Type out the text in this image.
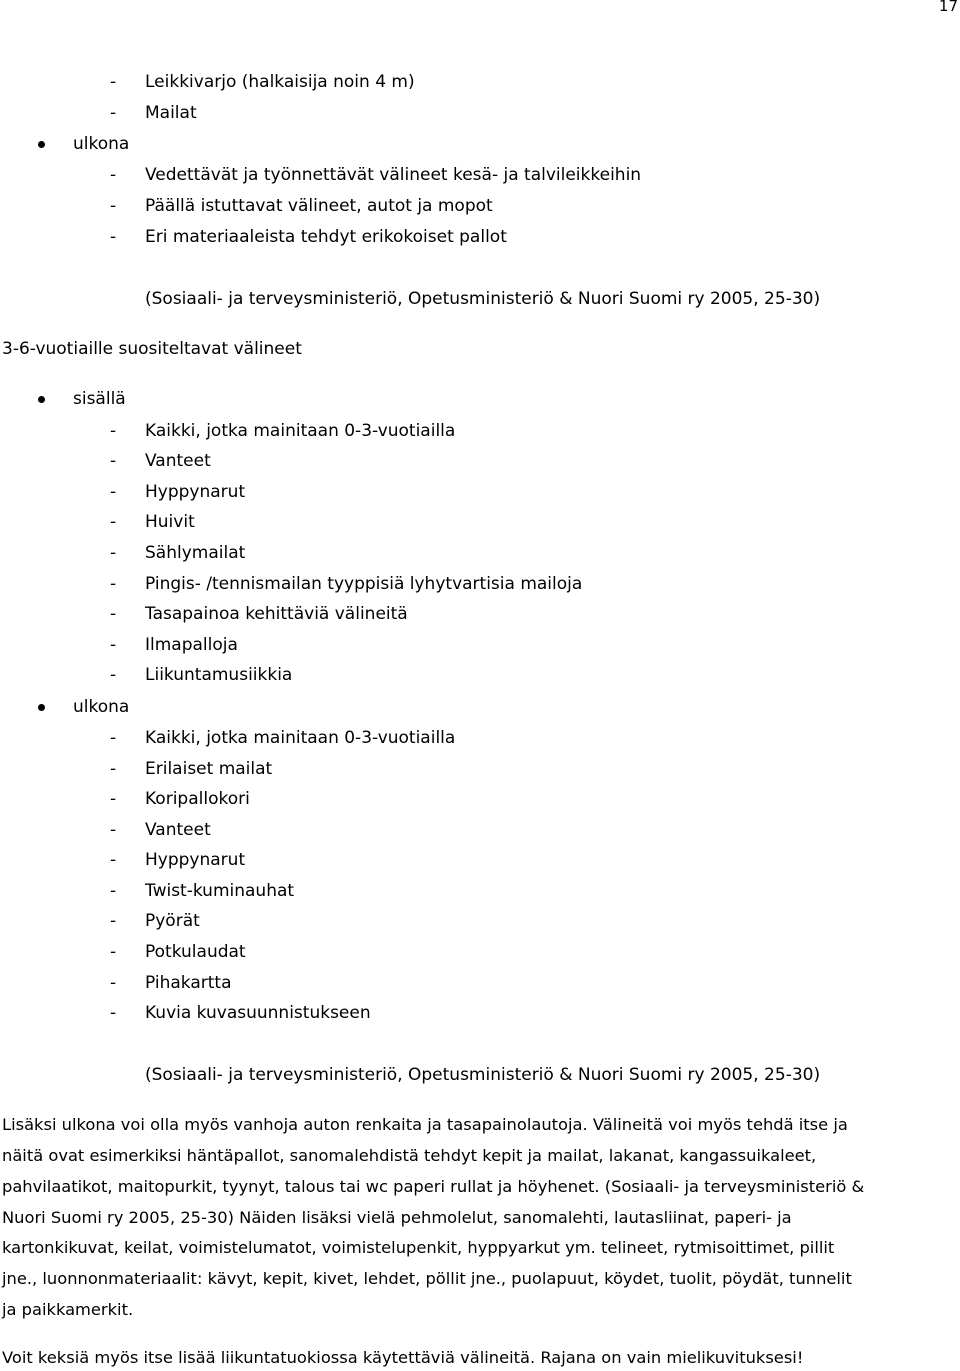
17
- Leikkivarjo (halkaisija noin 4 m)
- Mailat
ulkona
- Vedettävät ja työnnettävät välineet kesä- ja talvileikkeihin
- Päällä istuttavat välineet, autot ja mopot
- Eri materiaaleista tehdyt erikokoiset pallot
(Sosiaali- ja terveysministeriö, Opetusministeriö & Nuori Suomi ry 2005, 25-30)
3-6-vuotiaille suositeltavat välineet
sisällä
- Kaikki, jotka mainitaan 0-3-vuotiailla
- Vanteet
- Hyppynarut
- Huivit
- Sählymailat
- Pingis- /tennismailan tyyppisiä lyhytvartisia mailoja
- Tasapainoa kehittäviä välineitä
- Ilmapalloja
- Liikuntamusiikkia
ulkona
- Kaikki, jotka mainitaan 0-3-vuotiailla
- Erilaiset mailat
- Koripallokori
- Vanteet
- Hyppynarut
- Twist-kuminauhat
- Pyörät
- Potkulaudat
- Pihakartta
- Kuvia kuvasuunnistukseen
(Sosiaali- ja terveysministeriö, Opetusministeriö & Nuori Suomi ry 2005, 25-30)
Lisäksi ulkona voi olla myös vanhoja auton renkaita ja tasapainolautoja. Välineitä voi myös tehdä itse ja
näitä ovat esimerkiksi häntäpallot, sanomalehdistä tehdyt kepit ja mailat, lakanat, kangassuikaleet,
pahvilaatikot, maitopurkit, tyynyt, talous tai wc paperi rullat ja höyhenet. (Sosiaali- ja terveysministeriö &
Nuori Suomi ry 2005, 25-30) Näiden lisäksi vielä pehmolelut, sanomalehti, lautasliinat, paperi- ja
kartonkikuvat, keilat, voimistelumatot, voimistelupenkit, hyppyarkut ym. telineet, rytmisoittimet, pillit
jne., luonnonmateriaalit: kävyt, kepit, kivet, lehdet, pöllit jne., puolapuut, köydet, tuolit, pöydät, tunnelit
ja paikkamerkit.
Voit keksiä myös itse lisää liikuntatuokiossa käytettäviä välineitä. Rajana on vain mielikuvituksesi!
